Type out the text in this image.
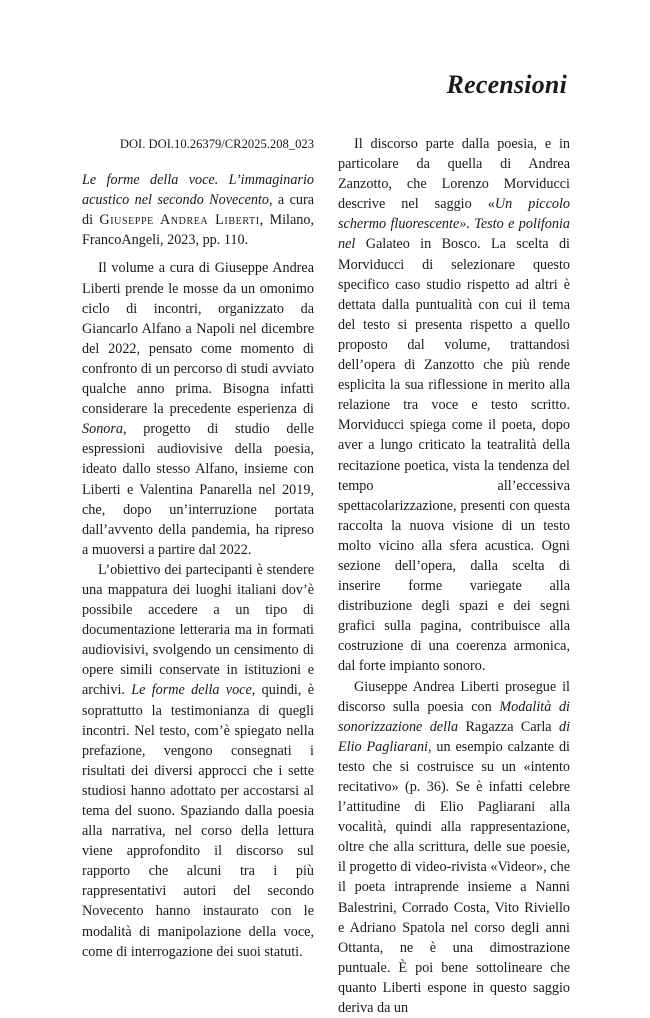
Recensioni
DOI. DOI.10.26379/CR2025.208_023

Le forme della voce. L’immaginario acustico nel secondo Novecento, a cura di Giuseppe Andrea Liberti, Milano, FrancoAngeli, 2023, pp. 110.

Il volume a cura di Giuseppe Andrea Liberti prende le mosse da un omonimo ciclo di incontri, organizzato da Giancarlo Alfano a Napoli nel dicembre del 2022, pensato come momento di confronto di un percorso di studi avviato qualche anno prima. Bisogna infatti considerare la precedente esperienza di Sonora, progetto di studio delle espressioni audiovisive della poesia, ideato dallo stesso Alfano, insieme con Liberti e Valentina Panarella nel 2019, che, dopo un’interruzione portata dall’avvento della pandemia, ha ripreso a muoversi a partire dal 2022.

L’obiettivo dei partecipanti è stendere una mappatura dei luoghi italiani dov’è possibile accedere a un tipo di documentazione letteraria ma in formati audiovisivi, svolgendo un censimento di opere simili conservate in istituzioni e archivi. Le forme della voce, quindi, è soprattutto la testimonianza di quegli incontri. Nel testo, com’è spiegato nella prefazione, vengono consegnati i risultati dei diversi approcci che i sette studiosi hanno adottato per accostarsi al tema del suono. Spaziando dalla poesia alla narrativa, nel corso della lettura viene approfondito il discorso sul rapporto che alcuni tra i più rappresentativi autori del secondo Novecento hanno instaurato con le modalità di manipolazione della voce, come di interrogazione dei suoi statuti.

Il discorso parte dalla poesia, e in particolare da quella di Andrea Zanzotto, che Lorenzo Morviducci descrive nel saggio «Un piccolo schermo fluorescente». Testo e polifonia nel Galateo in Bosco. La scelta di Morviducci di selezionare questo specifico caso studio rispetto ad altri è dettata dalla puntualità con cui il tema del testo si presenta rispetto a quello proposto dal volume, trattandosi dell’opera di Zanzotto che più rende esplicita la sua riflessione in merito alla relazione tra voce e testo scritto. Morviducci spiega come il poeta, dopo aver a lungo criticato la teatralità della recitazione poetica, vista la tendenza del tempo all’eccessiva spettacolarizzazione, presenti con questa raccolta la nuova visione di un testo molto vicino alla sfera acustica. Ogni sezione dell’opera, dalla scelta di inserire forme variegate alla distribuzione degli spazi e dei segni grafici sulla pagina, contribuisce alla costruzione di una coerenza armonica, dal forte impianto sonoro.

Giuseppe Andrea Liberti prosegue il discorso sulla poesia con Modalità di sonorizzazione della Ragazza Carla di Elio Pagliarani, un esempio calzante di testo che si costruisce su un «intento recitativo» (p. 36). Se è infatti celebre l’attitudine di Elio Pagliarani alla vocalità, quindi alla rappresentazione, oltre che alla scrittura, delle sue poesie, il progetto di video-rivista «Videor», che il poeta intraprende insieme a Nanni Balestrini, Corrado Costa, Vito Riviello e Adriano Spatola nel corso degli anni Ottanta, ne è una dimostrazione puntuale. È poi bene sottolineare che quanto Liberti espone in questo saggio deriva da un
